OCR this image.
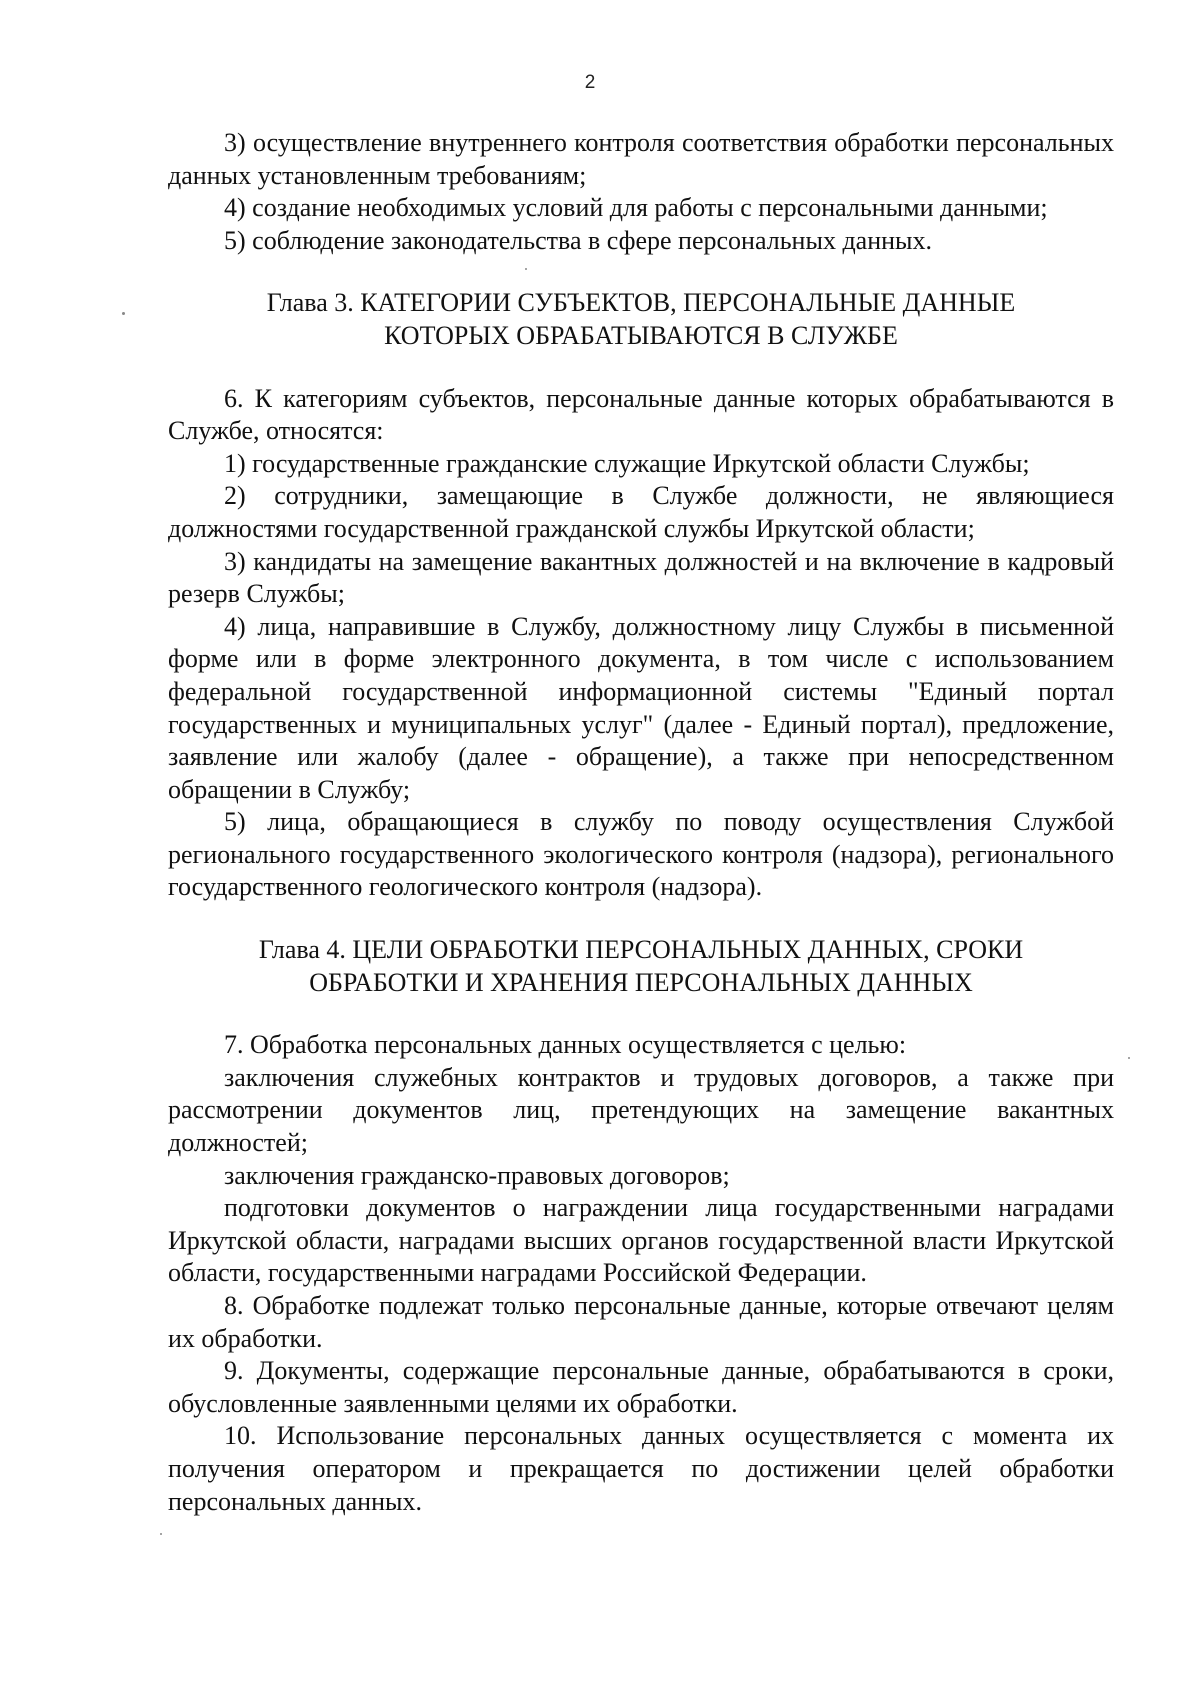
2

3) осуществление внутреннего контроля соответствия обработки персональных данных установленным требованиям;

4) создание необходимых условий для работы с персональными данными;

5) соблюдение законодательства в сфере персональных данных.

Глава 3. КАТЕГОРИИ СУБЪЕКТОВ, ПЕРСОНАЛЬНЫЕ ДАННЫЕ
КОТОРЫХ ОБРАБАТЫВАЮТСЯ В СЛУЖБЕ

6. К категориям субъектов, персональные данные которых обрабатываются в Службе, относятся:

1) государственные гражданские служащие Иркутской области Службы;

2) сотрудники, замещающие в Службе должности, не являющиеся должностями государственной гражданской службы Иркутской области;

3) кандидаты на замещение вакантных должностей и на включение в кадровый резерв Службы;

4) лица, направившие в Службу, должностному лицу Службы в письменной форме или в форме электронного документа, в том числе с использованием федеральной государственной информационной системы "Единый портал государственных и муниципальных услуг" (далее - Единый портал), предложение, заявление или жалобу (далее - обращение), а также при непосредственном обращении в Службу;

5) лица, обращающиеся в службу по поводу осуществления Службой регионального государственного экологического контроля (надзора), регионального государственного геологического контроля (надзора).

Глава 4. ЦЕЛИ ОБРАБОТКИ ПЕРСОНАЛЬНЫХ ДАННЫХ, СРОКИ
ОБРАБОТКИ И ХРАНЕНИЯ ПЕРСОНАЛЬНЫХ ДАННЫХ

7. Обработка персональных данных осуществляется с целью:

заключения служебных контрактов и трудовых договоров, а также при рассмотрении документов лиц, претендующих на замещение вакантных должностей;

заключения гражданско-правовых договоров;

подготовки документов о награждении лица государственными наградами Иркутской области, наградами высших органов государственной власти Иркутской области, государственными наградами Российской Федерации.

8. Обработке подлежат только персональные данные, которые отвечают целям их обработки.

9. Документы, содержащие персональные данные, обрабатываются в сроки, обусловленные заявленными целями их обработки.

10. Использование персональных данных осуществляется с момента их получения оператором и прекращается по достижении целей обработки персональных данных.
